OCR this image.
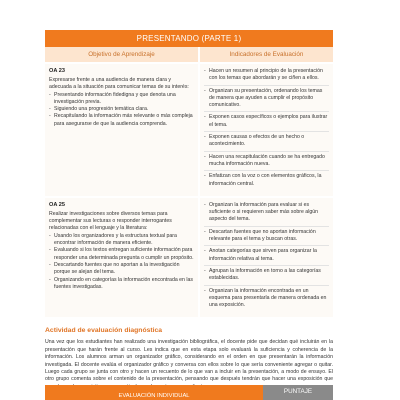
PRESENTANDO (PARTE 1)
Objetivo de Aprendizaje	Indicadores de Evaluación
OA 23
Expresarse frente a una audiencia de manera clara y adecuada a la situación para comunicar temas de su interés:
- Presentando información fidedigna y que denota una investigación previa.
- Siguiendo una progresión temática clara.
- Recapitulando la información más relevante o más compleja para asegurarse de que la audiencia comprenda.
- Hacen un resumen al principio de la presentación con los temas que abordarán y se ciñen a ellos.
- Organizan su presentación, ordenando los temas de manera que ayuden a cumplir el propósito comunicativo.
- Exponen casos específicos o ejemplos para ilustrar el tema.
- Exponen causas o efectos de un hecho o acontecimiento.
- Hacen una recapitulación cuando se ha entregado mucha información nueva.
- Enfatizan con la voz o con elementos gráficos, la información central.
OA 25
Realizar investigaciones sobre diversos temas para complementar sus lecturas o responder interrogantes relacionadas con el lenguaje y la literatura:
- Usando los organizadores y la estructura textual para encontrar información de manera eficiente.
- Evaluando si los textos entregan suficiente información para responder una determinada pregunta o cumplir un propósito.
- Descartando fuentes que no aportan a la investigación porque se alejan del tema.
- Organizando en categorías la información encontrada en las fuentes investigadas.
- Organizan la información para evaluar si es suficiente o si requieren saber más sobre algún aspecto del tema.
- Descartan fuentes que no aportan información relevante para el tema y buscan otras.
- Anotan categorías que sirven para organizar la información relativa al tema.
- Agrupan la información en torno a las categorías establecidas.
- Organizan la información encontrada en un esquema para presentarla de manera ordenada en una exposición.
Actividad de evaluación diagnóstica
Una vez que los estudiantes han realizado una investigación bibliográfica, el docente pide que decidan qué incluirán en la presentación que harán frente al curso. Les indica que en esta etapa solo evaluará la suficiencia y coherencia de la información. Los alumnos arman un organizador gráfico, considerando en el orden en que presentarán la información investigada. El docente evalúa el organizador gráfico y conversa con ellos sobre lo que sería conveniente agregar o quitar. Luego cada grupo se junta con otro y hacen un recuento de lo que van a incluir en la presentación, a modo de ensayo. El otro grupo comenta sobre el contenido de la presentación, pensando que después tendrán que hacer una exposición que
EVALUACIÓN INDIVIDUAL
PUNTAJE
